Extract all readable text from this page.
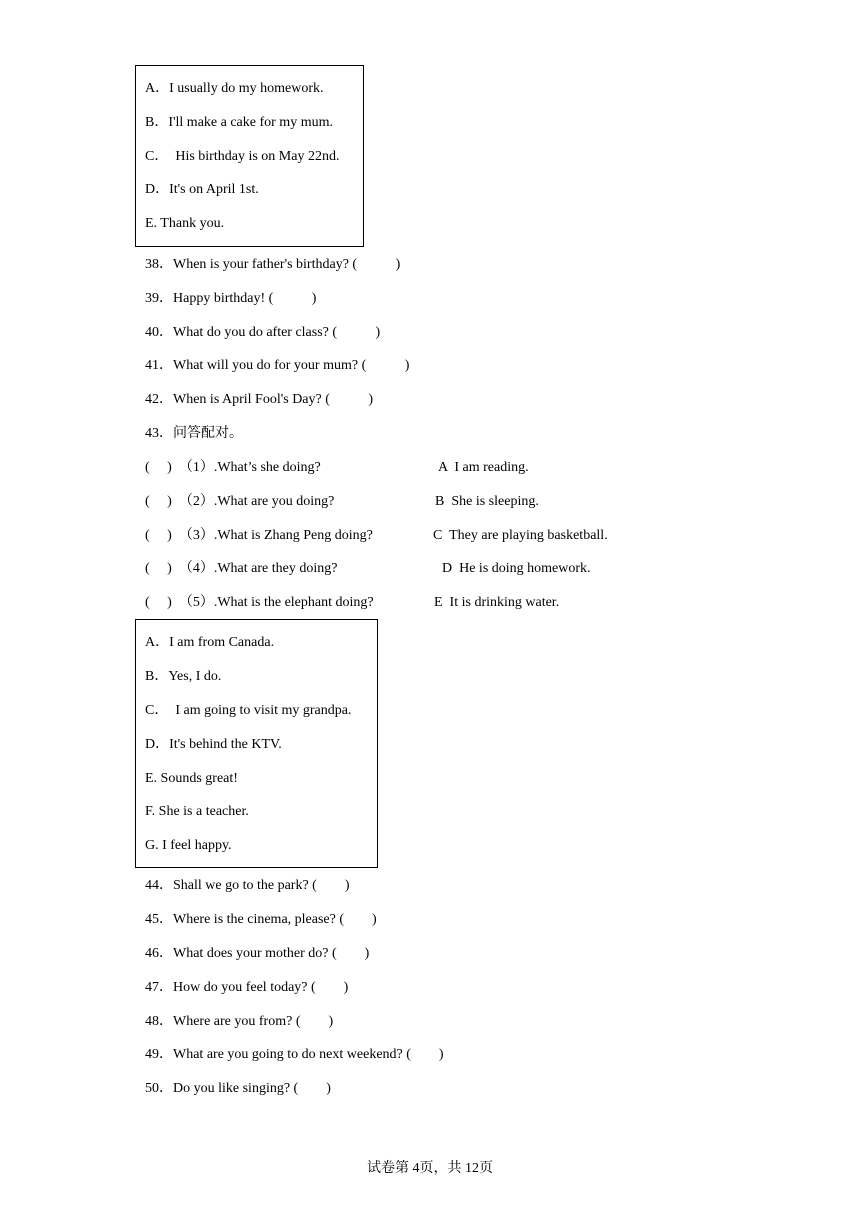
A．I usually do my homework.
B．I'll make a cake for my mum.
C．  His birthday is on May 22nd.
D．It's on April 1st.
E. Thank you.
38．When is your father's birthday? (           )
39．Happy birthday! (           )
40．What do you do after class? (           )
41．What will you do for your mum? (           )
42．When is April Fool's Day? (           )
43．问答配对。
(     )  （1）.What’s she doing?	A  I am reading.
(     )  （2）.What are you doing?	B  She is sleeping.
(     )  （3）.What is Zhang Peng doing?	C  They are playing basketball.
(     )  （4）.What are they doing?	D  He is doing homework.
(     )  （5）.What is the elephant doing?	E  It is drinking water.
A．I am from Canada.
B．Yes, I do.
C．  I am going to visit my grandpa.
D．It's behind the KTV.
E. Sounds great!
F. She is a teacher.
G. I feel happy.
44．Shall we go to the park? (        )
45．Where is the cinema, please? (        )
46．What does your mother do? (        )
47．How do you feel today? (        )
48．Where are you from? (        )
49．What are you going to do next weekend? (        )
50．Do you like singing? (        )
试卷第 4页，共 12页
